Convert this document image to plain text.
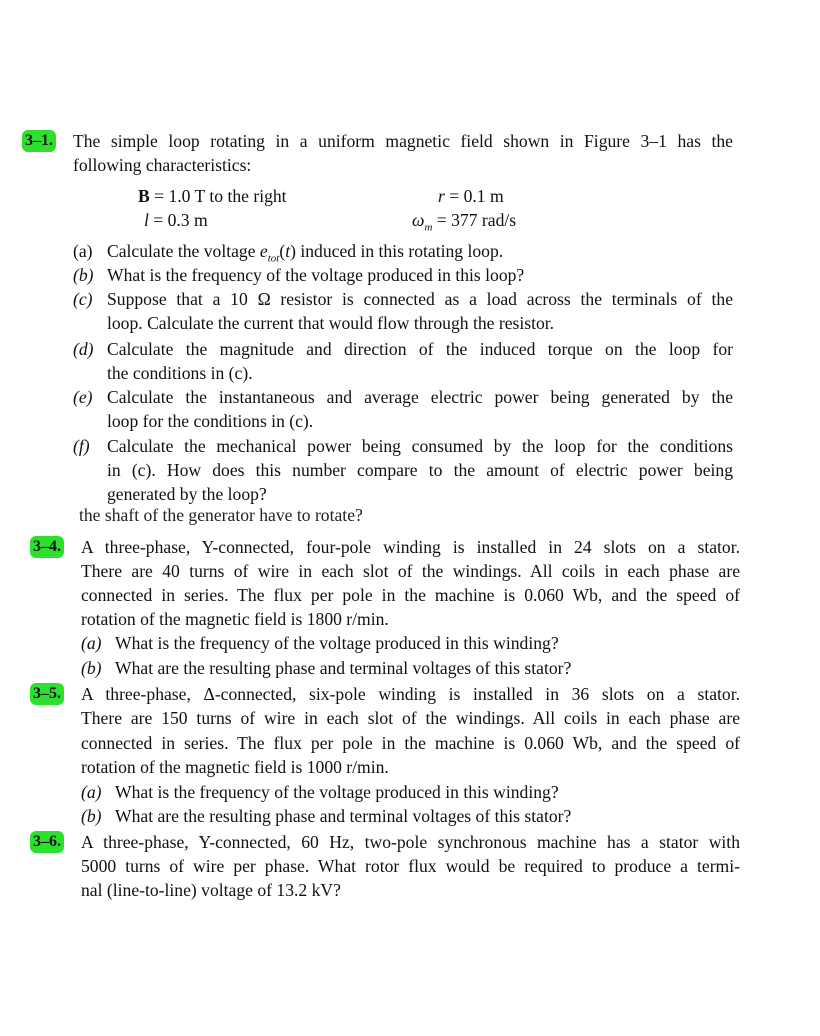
3–1. The simple loop rotating in a uniform magnetic field shown in Figure 3–1 has the
following characteristics:
B = 1.0 T to the right	r = 0.1 m
l = 0.3 m	$\omega_m = 377$ rad/s
(a) Calculate the voltage $e_{tot}(t)$ induced in this rotating loop.
(b) What is the frequency of the voltage produced in this loop?
(c) Suppose that a 10 Ω resistor is connected as a load across the terminals of the
loop. Calculate the current that would flow through the resistor.
(d) Calculate the magnitude and direction of the induced torque on the loop for
the conditions in (c).
(e) Calculate the instantaneous and average electric power being generated by the
loop for the conditions in (c).
(f) Calculate the mechanical power being consumed by the loop for the conditions
in (c). How does this number compare to the amount of electric power being
generated by the loop?
the shaft of the generator have to rotate?
3–4. A three-phase, Y-connected, four-pole winding is installed in 24 slots on a stator.
There are 40 turns of wire in each slot of the windings. All coils in each phase are
connected in series. The flux per pole in the machine is 0.060 Wb, and the speed of
rotation of the magnetic field is 1800 r/min.
(a) What is the frequency of the voltage produced in this winding?
(b) What are the resulting phase and terminal voltages of this stator?
3–5. A three-phase, Δ-connected, six-pole winding is installed in 36 slots on a stator.
There are 150 turns of wire in each slot of the windings. All coils in each phase are
connected in series. The flux per pole in the machine is 0.060 Wb, and the speed of
rotation of the magnetic field is 1000 r/min.
(a) What is the frequency of the voltage produced in this winding?
(b) What are the resulting phase and terminal voltages of this stator?
3–6. A three-phase, Y-connected, 60 Hz, two-pole synchronous machine has a stator with
5000 turns of wire per phase. What rotor flux would be required to produce a termi-
nal (line-to-line) voltage of 13.2 kV?
